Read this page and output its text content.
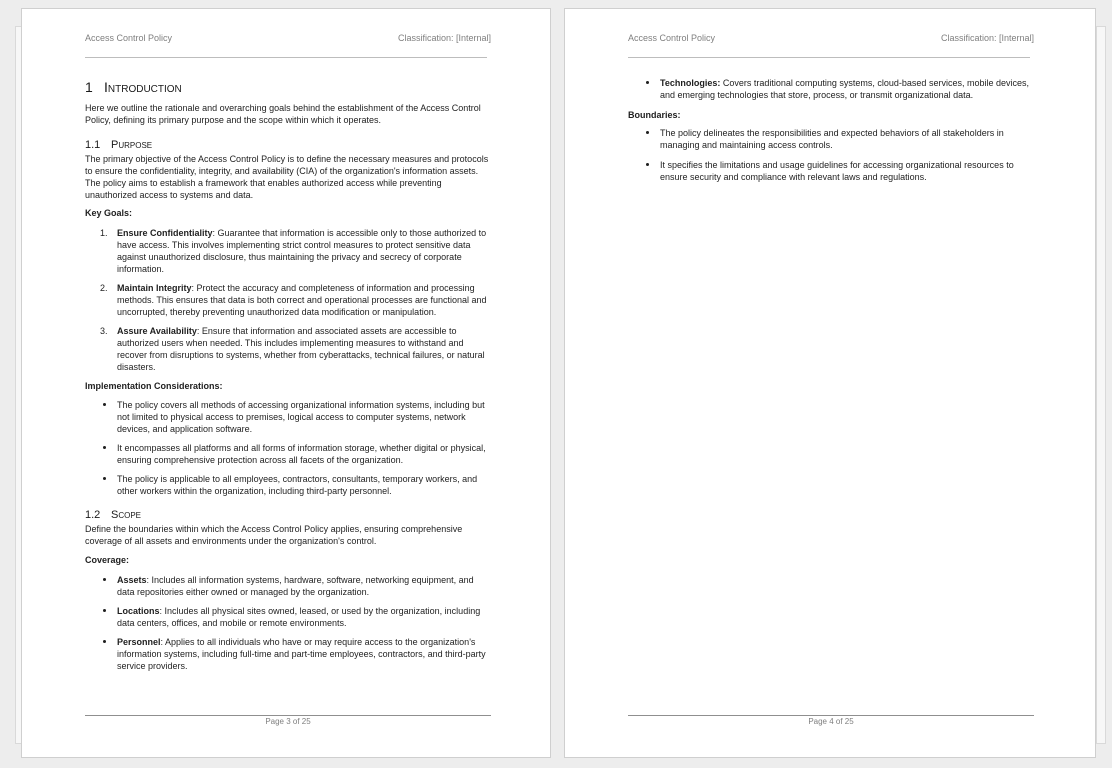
Access Control Policy	Classification: [Internal]
1 Introduction

Here we outline the rationale and overarching goals behind the establishment of the Access Control Policy, defining its primary purpose and the scope within which it operates.

1.1 Purpose

The primary objective of the Access Control Policy is to define the necessary measures and protocols to ensure the confidentiality, integrity, and availability (CIA) of the organization's information assets. The policy aims to establish a framework that enables authorized access while preventing unauthorized access to systems and data.

Key Goals:

1. Ensure Confidentiality: Guarantee that information is accessible only to those authorized to have access. This involves implementing strict control measures to protect sensitive data against unauthorized disclosure, thus maintaining the privacy and secrecy of corporate information.

2. Maintain Integrity: Protect the accuracy and completeness of information and processing methods. This ensures that data is both correct and operational processes are functional and uncorrupted, thereby preventing unauthorized data modification or manipulation.

3. Assure Availability: Ensure that information and associated assets are accessible to authorized users when needed. This includes implementing measures to withstand and recover from disruptions to systems, whether from cyberattacks, technical failures, or natural disasters.

Implementation Considerations:

The policy covers all methods of accessing organizational information systems, including but not limited to physical access to premises, logical access to computer systems, network devices, and application software.

It encompasses all platforms and all forms of information storage, whether digital or physical, ensuring comprehensive protection across all facets of the organization.

The policy is applicable to all employees, contractors, consultants, temporary workers, and other workers within the organization, including third-party personnel.

1.2 Scope

Define the boundaries within which the Access Control Policy applies, ensuring comprehensive coverage of all assets and environments under the organization's control.

Coverage:

Assets: Includes all information systems, hardware, software, networking equipment, and data repositories either owned or managed by the organization.

Locations: Includes all physical sites owned, leased, or used by the organization, including data centers, offices, and mobile or remote environments.

Personnel: Applies to all individuals who have or may require access to the organization's information systems, including full-time and part-time employees, contractors, and third-party service providers.

Page 3 of 25
Access Control Policy	Classification: [Internal]

Technologies: Covers traditional computing systems, cloud-based services, mobile devices, and emerging technologies that store, process, or transmit organizational data.

Boundaries:

The policy delineates the responsibilities and expected behaviors of all stakeholders in managing and maintaining access controls.

It specifies the limitations and usage guidelines for accessing organizational resources to ensure security and compliance with relevant laws and regulations.

Page 4 of 25
